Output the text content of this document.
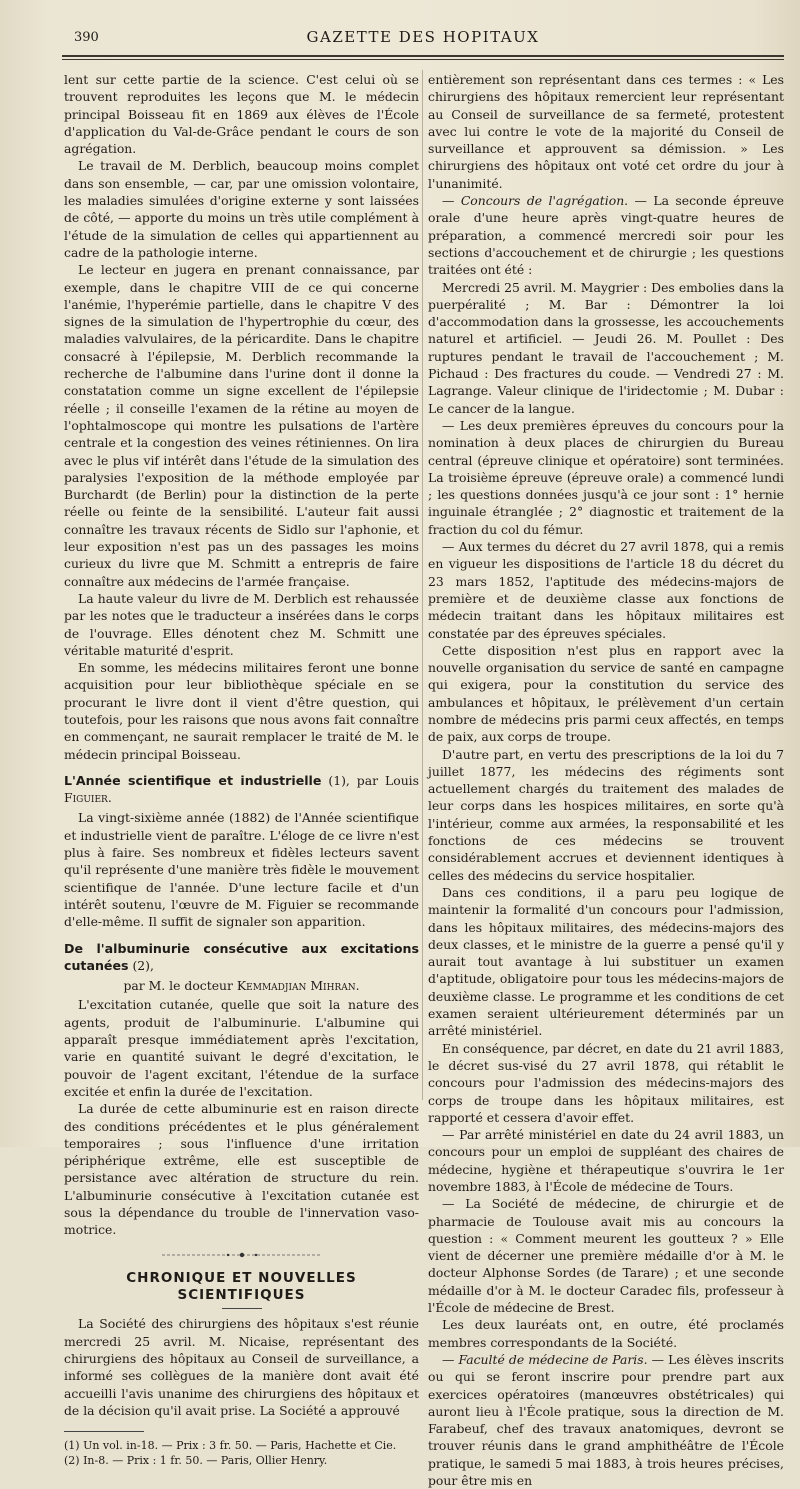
390	GAZETTE DES HOPITAUX

lent sur cette partie de la science. C'est celui où se trouvent reproduites les leçons que M. le médecin principal Boisseau fit en 1869 aux élèves de l'École d'application du Val-de-Grâce pendant le cours de son agrégation.

Le travail de M. Derblich, beaucoup moins complet dans son ensemble, — car, par une omission volontaire, les maladies simulées d'origine externe y sont laissées de côté, — apporte du moins un très utile complément à l'étude de la simulation de celles qui appartiennent au cadre de la pathologie interne.

Le lecteur en jugera en prenant connaissance, par exemple, dans le chapitre VIII de ce qui concerne l'anémie, l'hyperémie partielle, dans le chapitre V des signes de la simulation de l'hypertrophie du cœur, des maladies valvulaires, de la péricardite. Dans le chapitre consacré à l'épilepsie, M. Derblich recommande la recherche de l'albumine dans l'urine dont il donne la constatation comme un signe excellent de l'épilepsie réelle ; il conseille l'examen de la rétine au moyen de l'ophtalmoscope qui montre les pulsations de l'artère centrale et la congestion des veines rétiniennes. On lira avec le plus vif intérêt dans l'étude de la simulation des paralysies l'exposition de la méthode employée par Burchardt (de Berlin) pour la distinction de la perte réelle ou feinte de la sensibilité. L'auteur fait aussi connaître les travaux récents de Sidlo sur l'aphonie, et leur exposition n'est pas un des passages les moins curieux du livre que M. Schmitt a entrepris de faire connaître aux médecins de l'armée française.

La haute valeur du livre de M. Derblich est rehaussée par les notes que le traducteur a insérées dans le corps de l'ouvrage. Elles dénotent chez M. Schmitt une véritable maturité d'esprit.

En somme, les médecins militaires feront une bonne acquisition pour leur bibliothèque spéciale en se procurant le livre dont il vient d'être question, qui toutefois, pour les raisons que nous avons fait connaître en commençant, ne saurait remplacer le traité de M. le médecin principal Boisseau.

L'Année scientifique et industrielle (1), par Louis Figuier.

La vingt-sixième année (1882) de l'Année scientifique et industrielle vient de paraître. L'éloge de ce livre n'est plus à faire. Ses nombreux et fidèles lecteurs savent qu'il représente d'une manière très fidèle le mouvement scientifique de l'année. D'une lecture facile et d'un intérêt soutenu, l'œuvre de M. Figuier se recommande d'elle-même. Il suffit de signaler son apparition.

De l'albuminurie consécutive aux excitations cutanées (2),

par M. le docteur Kemmadjian Mihran.

L'excitation cutanée, quelle que soit la nature des agents, produit de l'albuminurie. L'albumine qui apparaît presque immédiatement après l'excitation, varie en quantité suivant le degré d'excitation, le pouvoir de l'agent excitant, l'étendue de la surface excitée et enfin la durée de l'excitation.

La durée de cette albuminurie est en raison directe des conditions précédentes et le plus généralement temporaires ; sous l'influence d'une irritation périphérique extrême, elle est susceptible de persistance avec altération de structure du rein. L'albuminurie consécutive à l'excitation cutanée est sous la dépendance du trouble de l'innervation vaso-motrice.

CHRONIQUE ET NOUVELLES SCIENTIFIQUES

La Société des chirurgiens des hôpitaux s'est réunie mercredi 25 avril. M. Nicaise, représentant des chirurgiens des hôpitaux au Conseil de surveillance, a informé ses collègues de la manière dont avait été accueilli l'avis unanime des chirurgiens des hôpitaux et de la décision qu'il avait prise. La Société a approuvé

(1) Un vol. in-18. — Prix : 3 fr. 50. — Paris, Hachette et Cie.

(2) In-8. — Prix : 1 fr. 50. — Paris, Ollier Henry.

entièrement son représentant dans ces termes : « Les chirurgiens des hôpitaux remercient leur représentant au Conseil de surveillance de sa fermeté, protestent avec lui contre le vote de la majorité du Conseil de surveillance et approuvent sa démission. » Les chirurgiens des hôpitaux ont voté cet ordre du jour à l'unanimité.

— Concours de l'agrégation. — La seconde épreuve orale d'une heure après vingt-quatre heures de préparation, a commencé mercredi soir pour les sections d'accouchement et de chirurgie ; les questions traitées ont été :

Mercredi 25 avril. M. Maygrier : Des embolies dans la puerpéralité ; M. Bar : Démontrer la loi d'accommodation dans la grossesse, les accouchements naturel et artificiel. — Jeudi 26. M. Poullet : Des ruptures pendant le travail de l'accouchement ; M. Pichaud : Des fractures du coude. — Vendredi 27 : M. Lagrange. Valeur clinique de l'iridectomie ; M. Dubar : Le cancer de la langue.

— Les deux premières épreuves du concours pour la nomination à deux places de chirurgien du Bureau central (épreuve clinique et opératoire) sont terminées. La troisième épreuve (épreuve orale) a commencé lundi ; les questions données jusqu'à ce jour sont : 1° hernie inguinale étranglée ; 2° diagnostic et traitement de la fraction du col du fémur.

— Aux termes du décret du 27 avril 1878, qui a remis en vigueur les dispositions de l'article 18 du décret du 23 mars 1852, l'aptitude des médecins-majors de première et de deuxième classe aux fonctions de médecin traitant dans les hôpitaux militaires est constatée par des épreuves spéciales.

Cette disposition n'est plus en rapport avec la nouvelle organisation du service de santé en campagne qui exigera, pour la constitution du service des ambulances et hôpitaux, le prélèvement d'un certain nombre de médecins pris parmi ceux affectés, en temps de paix, aux corps de troupe.

D'autre part, en vertu des prescriptions de la loi du 7 juillet 1877, les médecins des régiments sont actuellement chargés du traitement des malades de leur corps dans les hospices militaires, en sorte qu'à l'intérieur, comme aux armées, la responsabilité et les fonctions de ces médecins se trouvent considérablement accrues et deviennent identiques à celles des médecins du service hospitalier.

Dans ces conditions, il a paru peu logique de maintenir la formalité d'un concours pour l'admission, dans les hôpitaux militaires, des médecins-majors des deux classes, et le ministre de la guerre a pensé qu'il y aurait tout avantage à lui substituer un examen d'aptitude, obligatoire pour tous les médecins-majors de deuxième classe. Le programme et les conditions de cet examen seraient ultérieurement déterminés par un arrêté ministériel.

En conséquence, par décret, en date du 21 avril 1883, le décret sus-visé du 27 avril 1878, qui rétablit le concours pour l'admission des médecins-majors des corps de troupe dans les hôpitaux militaires, est rapporté et cessera d'avoir effet.

— Par arrêté ministériel en date du 24 avril 1883, un concours pour un emploi de suppléant des chaires de médecine, hygiène et thérapeutique s'ouvrira le 1er novembre 1883, à l'École de médecine de Tours.

— La Société de médecine, de chirurgie et de pharmacie de Toulouse avait mis au concours la question : « Comment meurent les goutteux ? » Elle vient de décerner une première médaille d'or à M. le docteur Alphonse Sordes (de Tarare) ; et une seconde médaille d'or à M. le docteur Caradec fils, professeur à l'École de médecine de Brest.

Les deux lauréats ont, en outre, été proclamés membres correspondants de la Société.

— Faculté de médecine de Paris. — Les élèves inscrits ou qui se feront inscrire pour prendre part aux exercices opératoires (manœuvres obstétricales) qui auront lieu à l'École pratique, sous la direction de M. Farabeuf, chef des travaux anatomiques, devront se trouver réunis dans le grand amphithéâtre de l'École pratique, le samedi 5 mai 1883, à trois heures précises, pour être mis en
